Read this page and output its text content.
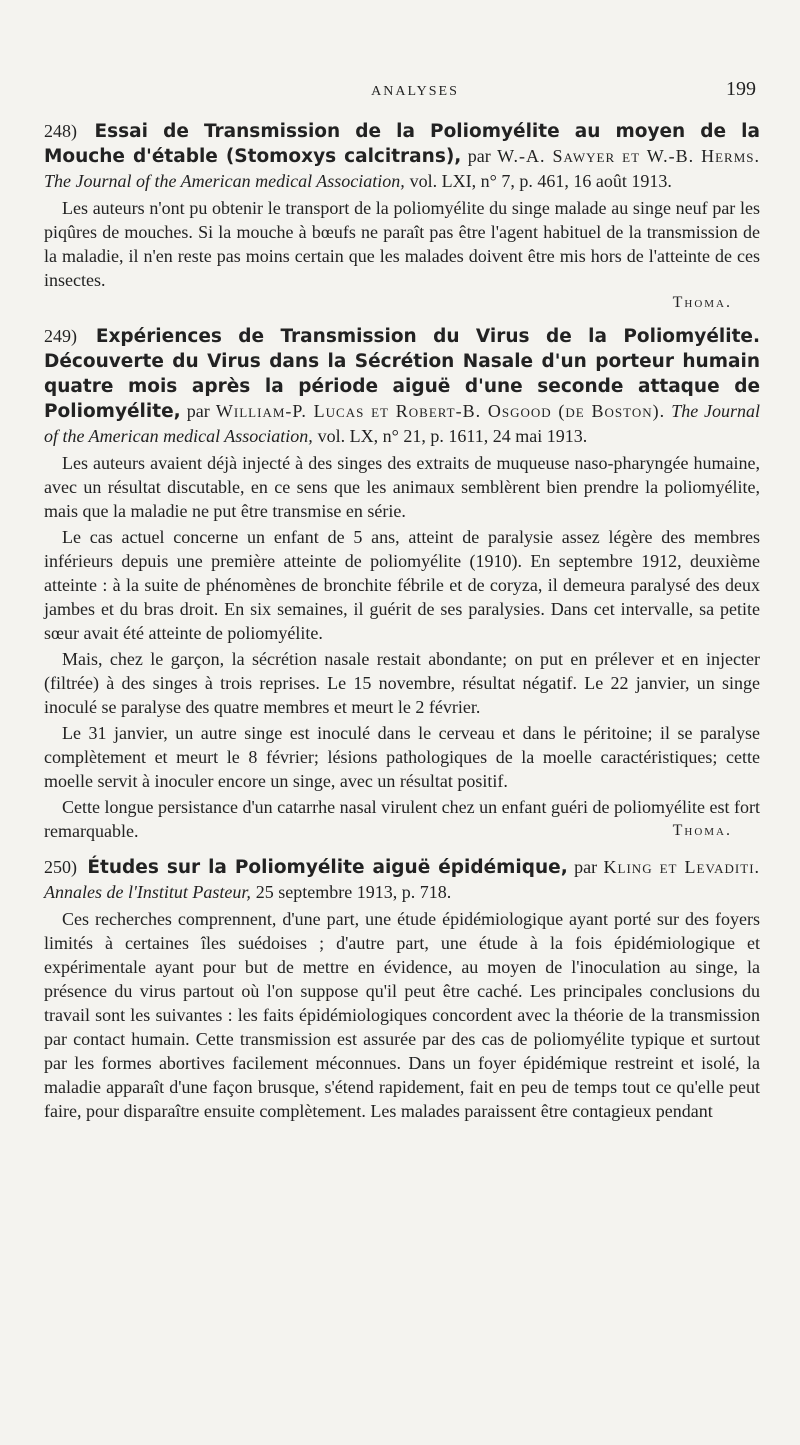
ANALYSES	199

248) Essai de Transmission de la Poliomyélite au moyen de la Mouche d'étable (Stomoxys calcitrans), par W.-A. Sawyer et W.-B. Herms. The Journal of the American medical Association, vol. LXI, n° 7, p. 461, 16 août 1913.

Les auteurs n'ont pu obtenir le transport de la poliomyélite du singe malade au singe neuf par les piqûres de mouches. Si la mouche à bœufs ne paraît pas être l'agent habituel de la transmission de la maladie, il n'en reste pas moins certain que les malades doivent être mis hors de l'atteinte de ces insectes.

Thoma.

249) Expériences de Transmission du Virus de la Poliomyélite. Découverte du Virus dans la Sécrétion Nasale d'un porteur humain quatre mois après la période aiguë d'une seconde attaque de Poliomyélite, par William-P. Lucas et Robert-B. Osgood (de Boston). The Journal of the American medical Association, vol. LX, n° 21, p. 1611, 24 mai 1913.

Les auteurs avaient déjà injecté à des singes des extraits de muqueuse naso-pharyngée humaine, avec un résultat discutable, en ce sens que les animaux semblèrent bien prendre la poliomyélite, mais que la maladie ne put être transmise en série.

Le cas actuel concerne un enfant de 5 ans, atteint de paralysie assez légère des membres inférieurs depuis une première atteinte de poliomyélite (1910). En septembre 1912, deuxième atteinte : à la suite de phénomènes de bronchite fébrile et de coryza, il demeura paralysé des deux jambes et du bras droit. En six semaines, il guérit de ses paralysies. Dans cet intervalle, sa petite sœur avait été atteinte de poliomyélite.

Mais, chez le garçon, la sécrétion nasale restait abondante; on put en prélever et en injecter (filtrée) à des singes à trois reprises. Le 15 novembre, résultat négatif. Le 22 janvier, un singe inoculé se paralyse des quatre membres et meurt le 2 février.

Le 31 janvier, un autre singe est inoculé dans le cerveau et dans le péritoine; il se paralyse complètement et meurt le 8 février; lésions pathologiques de la moelle caractéristiques; cette moelle servit à inoculer encore un singe, avec un résultat positif.

Cette longue persistance d'un catarrhe nasal virulent chez un enfant guéri de poliomyélite est fort remarquable.	Thoma.

250) Études sur la Poliomyélite aiguë épidémique, par Kling et Levaditi. Annales de l'Institut Pasteur, 25 septembre 1913, p. 718.

Ces recherches comprennent, d'une part, une étude épidémiologique ayant porté sur des foyers limités à certaines îles suédoises ; d'autre part, une étude à la fois épidémiologique et expérimentale ayant pour but de mettre en évidence, au moyen de l'inoculation au singe, la présence du virus partout où l'on suppose qu'il peut être caché. Les principales conclusions du travail sont les suivantes : les faits épidémiologiques concordent avec la théorie de la transmission par contact humain. Cette transmission est assurée par des cas de poliomyélite typique et surtout par les formes abortives facilement méconnues. Dans un foyer épidémique restreint et isolé, la maladie apparaît d'une façon brusque, s'étend rapidement, fait en peu de temps tout ce qu'elle peut faire, pour disparaître ensuite complètement. Les malades paraissent être contagieux pendant
